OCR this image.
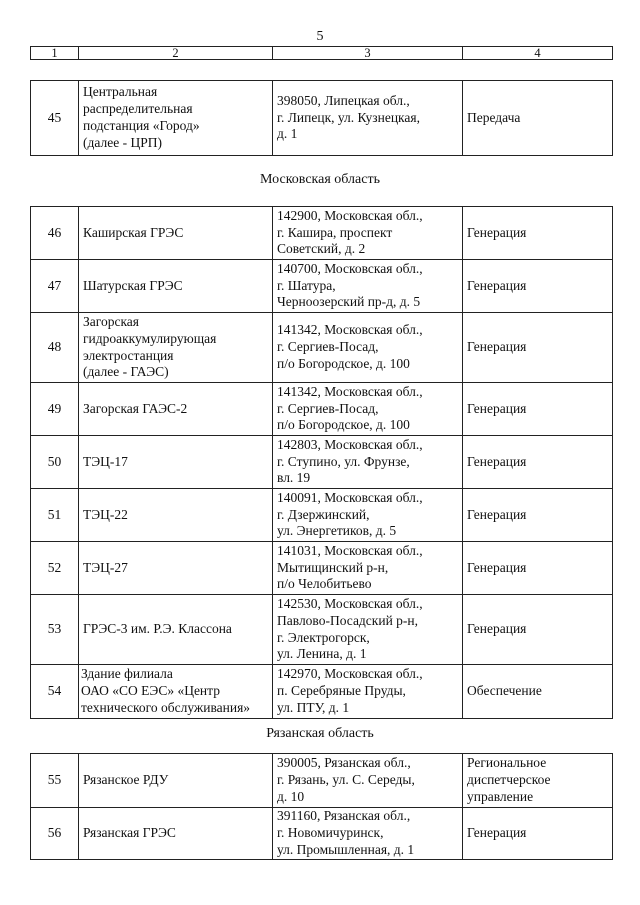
5
1	2	3	4
45	Центральная
распределительная
подстанция «Город»
(далее - ЦРП)	398050, Липецкая обл.,
г. Липецк, ул. Кузнецкая,
д. 1	Передача
Московская область
46	Каширская ГРЭС	142900, Московская обл.,
г. Кашира, проспект
Советский, д. 2	Генерация
47	Шатурская ГРЭС	140700, Московская обл.,
г. Шатура,
Черноозерский пр-д, д. 5	Генерация
48	Загорская
гидроаккумулирующая
электростанция
(далее - ГАЭС)	141342, Московская обл.,
г. Сергиев-Посад,
п/о Богородское, д. 100	Генерация
49	Загорская ГАЭС-2	141342, Московская обл.,
г. Сергиев-Посад,
п/о Богородское, д. 100	Генерация
50	ТЭЦ-17	142803, Московская обл.,
г. Ступино, ул. Фрунзе,
вл. 19	Генерация
51	ТЭЦ-22	140091, Московская обл.,
г. Дзержинский,
ул. Энергетиков, д. 5	Генерация
52	ТЭЦ-27	141031, Московская обл.,
Мытищинский р-н,
п/о Челобитьево	Генерация
53	ГРЭС-3 им. Р.Э. Классона	142530, Московская обл.,
Павлово-Посадский р-н,
г. Электрогорск,
ул. Ленина, д. 1	Генерация
54	Здание филиала
ОАО «СО ЕЭС» «Центр
технического обслуживания»	142970, Московская обл.,
п. Серебряные Пруды,
ул. ПТУ, д. 1	Обеспечение
Рязанская область
55	Рязанское РДУ	390005, Рязанская обл.,
г. Рязань, ул. С. Середы,
д. 10	Региональное
диспетчерское
управление
56	Рязанская ГРЭС	391160, Рязанская обл.,
г. Новомичуринск,
ул. Промышленная, д. 1	Генерация
